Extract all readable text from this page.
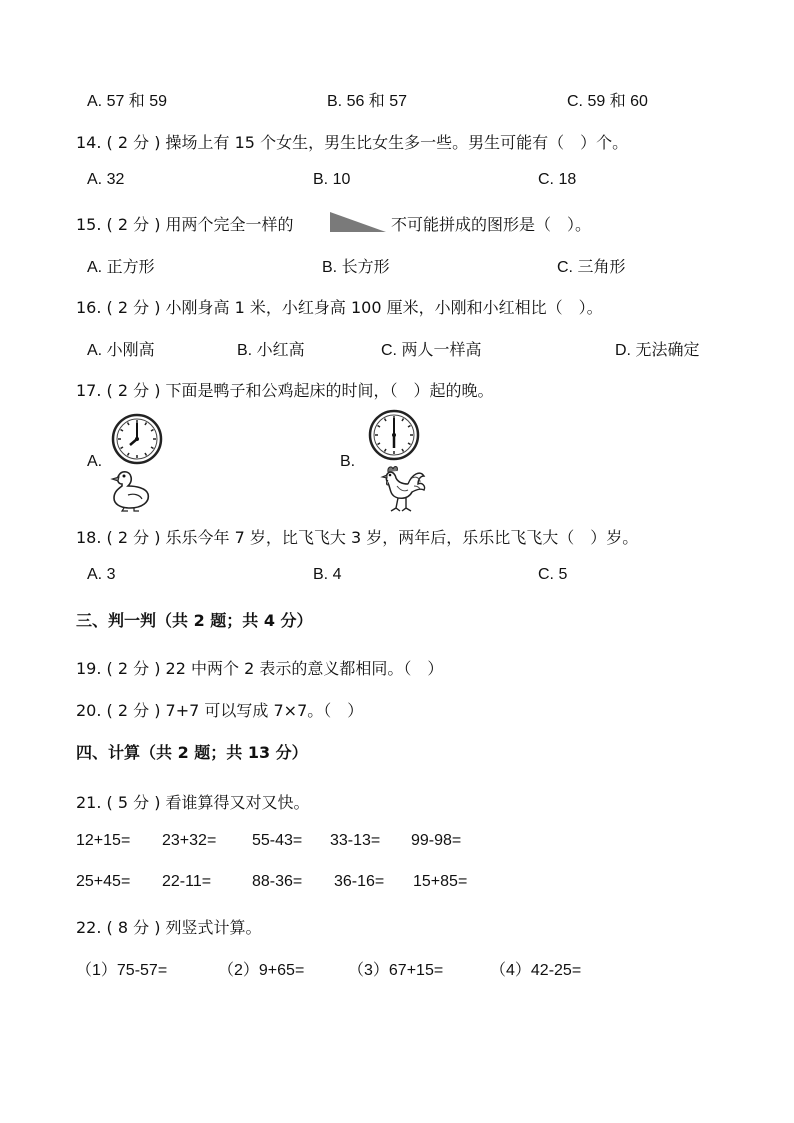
A. 57 和 59	B. 56 和 57	C. 59 和 60
14. ( 2 分 ) 操场上有 15 个女生，男生比女生多一些。男生可能有（　）个。
A. 32	B. 10	C. 18
15. ( 2 分 ) 用两个完全一样的	不可能拼成的图形是（　）。
A. 正方形	B. 长方形	C. 三角形
16. ( 2 分 ) 小刚身高 1 米，小红身高 100 厘米，小刚和小红相比（　）。
A. 小刚高	B. 小红高	C. 两人一样高	D. 无法确定
17. ( 2 分 ) 下面是鸭子和公鸡起床的时间，（　）起的晚。
A.	B.
18. ( 2 分 ) 乐乐今年 7 岁，比飞飞大 3 岁，两年后，乐乐比飞飞大（　）岁。
A. 3	B. 4	C. 5
三、判一判（共 2 题；共 4 分）
19. ( 2 分 ) 22 中两个 2 表示的意义都相同。（　）
20. ( 2 分 ) 7+7 可以写成 7×7。（　）
四、计算（共 2 题；共 13 分）
21. ( 5 分 ) 看谁算得又对又快。
12+15= 23+32= 55-43= 33-13= 99-98=
25+45= 22-11=	88-36= 36-16= 15+85=
22. ( 8 分 ) 列竖式计算。
（1）75-57=	（2）9+65=	（3）67+15=	（4）42-25=
